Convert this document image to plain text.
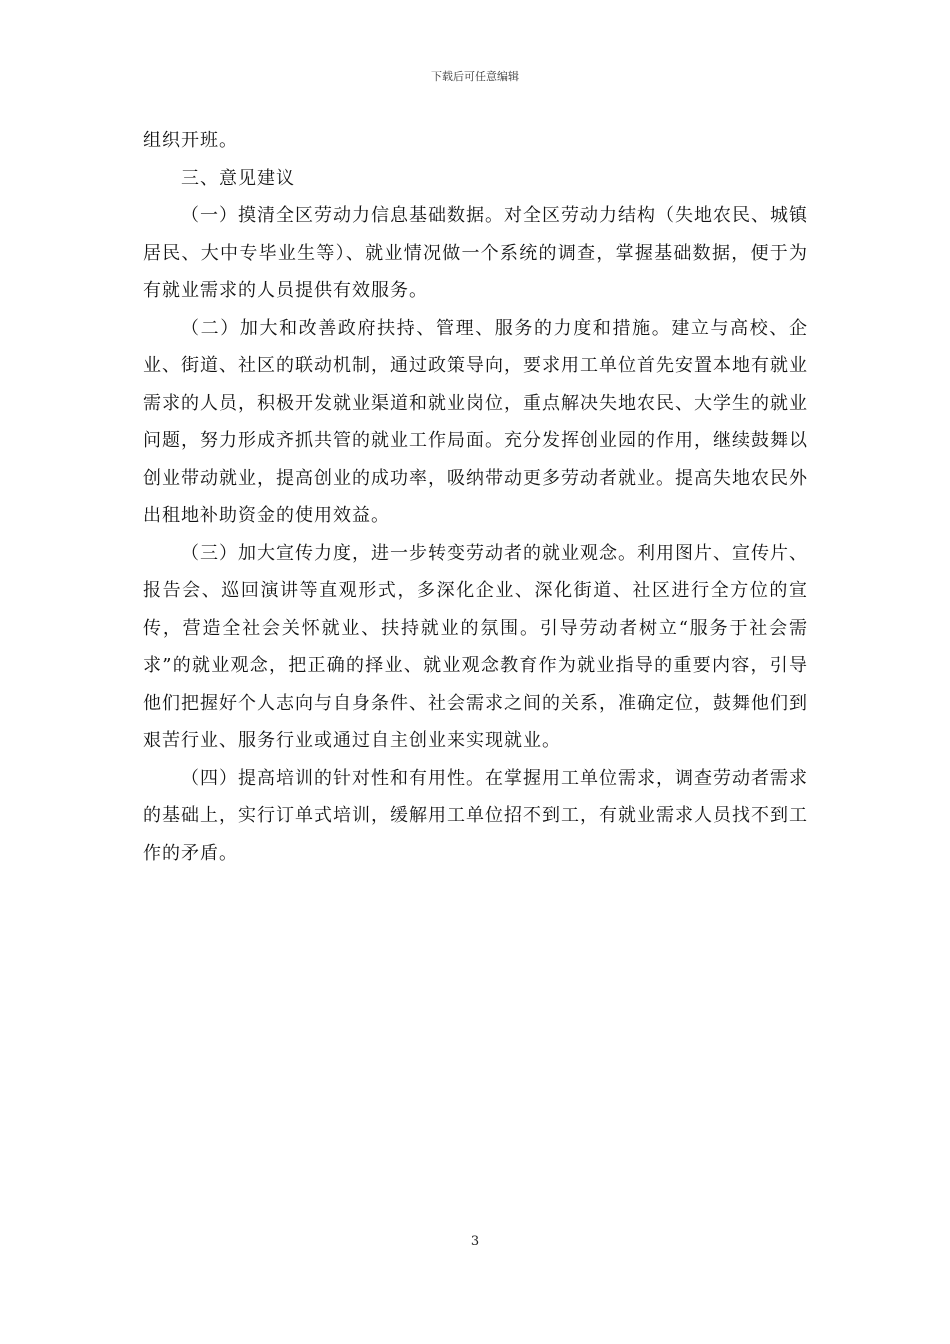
下载后可任意编辑

组织开班。

三、意见建议

（一）摸清全区劳动力信息基础数据。对全区劳动力结构（失地农民、城镇居民、大中专毕业生等）、就业情况做一个系统的调查，掌握基础数据，便于为有就业需求的人员提供有效服务。

（二）加大和改善政府扶持、管理、服务的力度和措施。建立与高校、企业、街道、社区的联动机制，通过政策导向，要求用工单位首先安置本地有就业需求的人员，积极开发就业渠道和就业岗位，重点解决失地农民、大学生的就业问题，努力形成齐抓共管的就业工作局面。充分发挥创业园的作用，继续鼓舞以创业带动就业，提高创业的成功率，吸纳带动更多劳动者就业。提高失地农民外出租地补助资金的使用效益。

（三）加大宣传力度，进一步转变劳动者的就业观念。利用图片、宣传片、报告会、巡回演讲等直观形式，多深化企业、深化街道、社区进行全方位的宣传，营造全社会关怀就业、扶持就业的氛围。引导劳动者树立“服务于社会需求”的就业观念，把正确的择业、就业观念教育作为就业指导的重要内容，引导他们把握好个人志向与自身条件、社会需求之间的关系，准确定位，鼓舞他们到艰苦行业、服务行业或通过自主创业来实现就业。

（四）提高培训的针对性和有用性。在掌握用工单位需求，调查劳动者需求的基础上，实行订单式培训，缓解用工单位招不到工，有就业需求人员找不到工作的矛盾。

3
